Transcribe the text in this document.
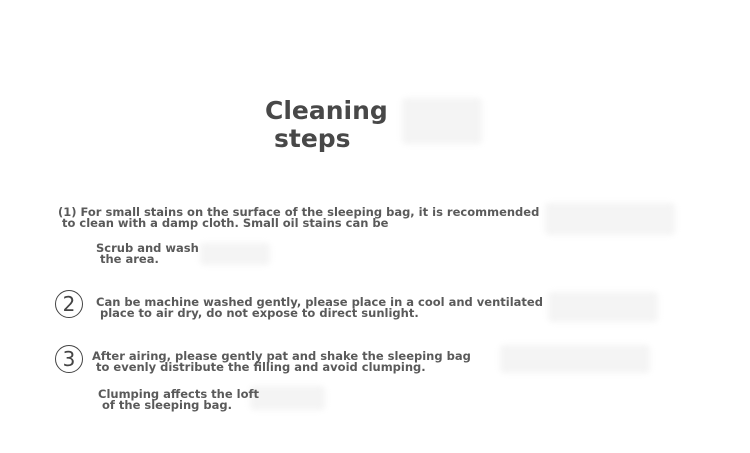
Cleaning
steps
(1) For small stains on the surface of the sleeping bag, it is recommended
to clean with a damp cloth. Small oil stains can be
Scrub and wash
the area.
2	Can be machine washed gently, please place in a cool and ventilated
place to air dry, do not expose to direct sunlight.
3	After airing, please gently pat and shake the sleeping bag
to evenly distribute the filling and avoid clumping.
Clumping affects the loft
of the sleeping bag.
